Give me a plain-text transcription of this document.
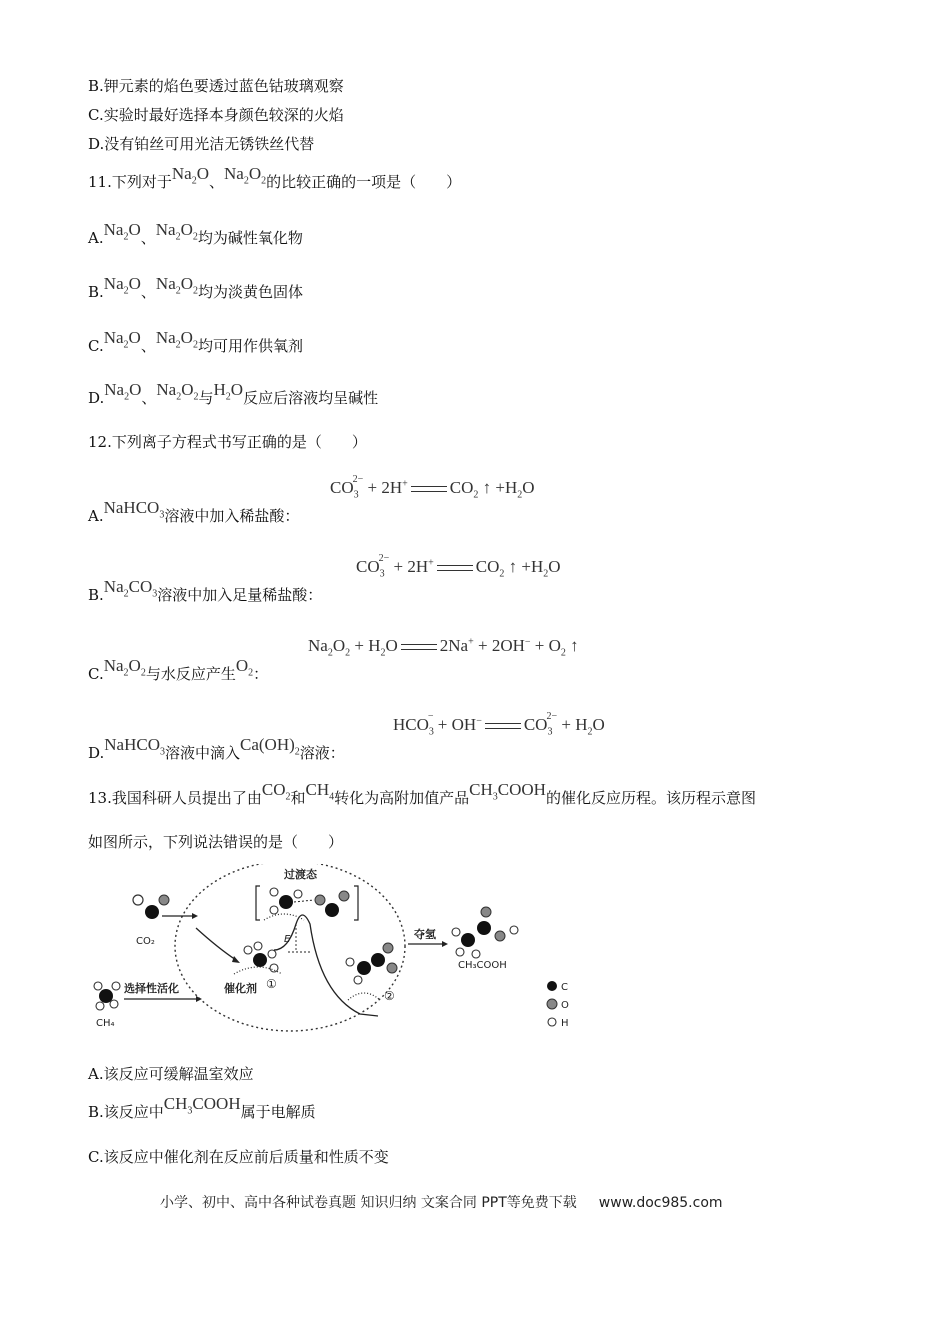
B.钾元素的焰色要透过蓝色钴玻璃观察
C.实验时最好选择本身颜色较深的火焰
D.没有铂丝可用光洁无锈铁丝代替
11.下列对于$Na_2O$、$Na_2O_2$的比较正确的一项是（　　）
$A.Na_2O$、$Na_2O_2$均为碱性氧化物
$B.Na_2O$、$Na_2O_2$均为淡黄色固体
$C.Na_2O$、$Na_2O_2$均可用作供氧剂
$D.Na_2O$、$Na_2O_2$与$H_2O$反应后溶液均呈碱性
12.下列离子方程式书写正确的是（　　）
$CO_3^{2-} + 2H^+$ $CO_2$ ↑ $+H_2O$
A.NaHCO$_3$溶液中加入稀盐酸：
$CO_3^{2-} + 2H^+$ $CO_2$ ↑ $+H_2O$
$B.Na_2CO_3$溶液中加入足量稀盐酸：
$Na_2O_2 + H_2O$ $2Na^+ + 2OH^- + O_2$ ↑
$C.Na_2O_2$与水反应产生$O_2$：
$HCO_3^- + OH^-$ $CO_3^{2-} + H_2O$
D.NaHCO$_3$溶液中滴入$Ca(OH)_2$溶液：
13.我国科研人员提出了由$CO_2$和$CH_4$转化为高附加值产品$CH_3COOH$的催化反应历程。该历程示意图
如图所示，下列说法错误的是（　　）
CO₂
CH₄
选择性活化	催化剂 ①
过渡态
E
②
夺氢
CH₃COOH
C
O
H
A.该反应可缓解温室效应
B.该反应中$CH_3COOH$属于电解质
C.该反应中催化剂在反应前后质量和性质不变
小学、初中、高中各种试卷真题 知识归纳 文案合同 PPT等免费下载 www.doc985.com
